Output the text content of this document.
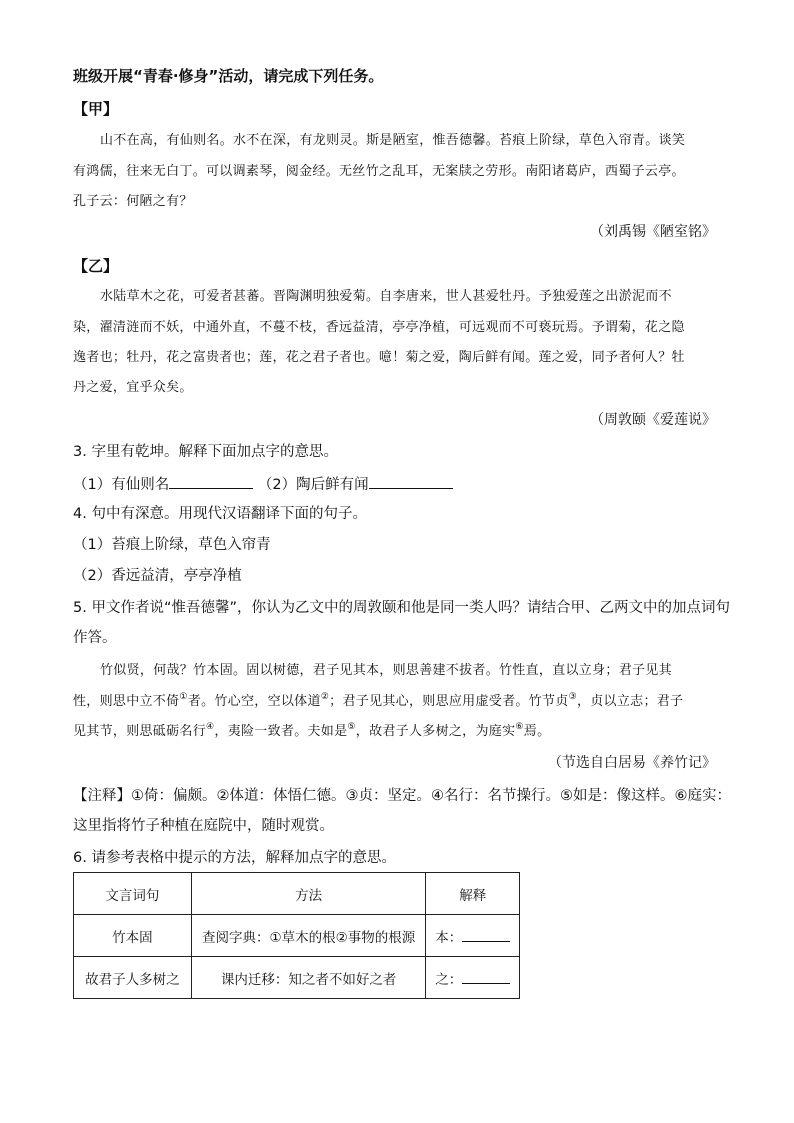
班级开展“青春·修身”活动，请完成下列任务。
【甲】
山不在高，有仙则名。水不在深，有龙则灵。斯是陋室，惟吾德馨。苔痕上阶绿，草色入帘青。谈笑
有鸿儒，往来无白丁。可以调素琴，阅金经。无丝竹之乱耳，无案牍之劳形。南阳诸葛庐，西蜀子云亭。
孔子云：何陋之有？
（刘禹锡《陋室铭》
【乙】
水陆草木之花，可爱者甚蕃。晋陶渊明独爱菊。自李唐来，世人甚爱牡丹。予独爱莲之出淤泥而不
染，濯清涟而不妖，中通外直，不蔓不枝，香远益清，亭亭净植，可远观而不可亵玩焉。予谓菊，花之隐
逸者也；牡丹，花之富贵者也；莲，花之君子者也。噫！菊之爱，陶后鲜有闻。莲之爱，同予者何人？牡
丹之爱，宜乎众矣。
（周敦颐《爱莲说》
3. 字里有乾坤。解释下面加点字的意思。
（1）有仙则名	（2）陶后鲜有闻
4. 句中有深意。用现代汉语翻译下面的句子。
（1）苔痕上阶绿，草色入帘青
（2）香远益清，亭亭净植
5. 甲文作者说“惟吾德馨”，你认为乙文中的周敦颐和他是同一类人吗？请结合甲、乙两文中的加点词句
作答。
竹似贤，何哉？竹本固。固以树德，君子见其本，则思善建不拔者。竹性直，直以立身；君子见其
性，则思中立不倚①者。竹心空，空以体道②；君子见其心，则思应用虚受者。竹节贞③，贞以立志；君子
见其节，则思砥砺名行④，夷险一致者。夫如是⑤，故君子人多树之，为庭实⑥焉。
（节选自白居易《养竹记》
【注释】①倚：偏颇。②体道：体悟仁德。③贞：坚定。④名行：名节操行。⑤如是：像这样。⑥庭实：
这里指将竹子种植在庭院中，随时观赏。
6. 请参考表格中提示的方法，解释加点字的意思。
文言词句	方法	解释
竹本固	查阅字典：①草木的根②事物的根源	本：
故君子人多树之	课内迁移：知之者不如好之者	之：
